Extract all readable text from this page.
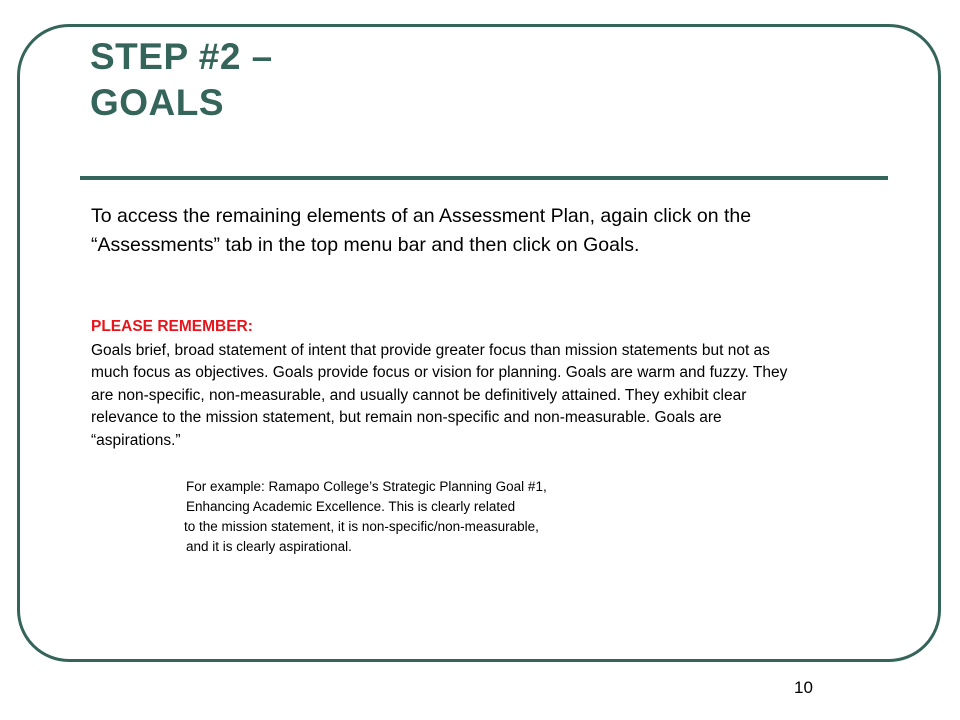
STEP #2 –
GOALS

To access the remaining elements of an Assessment Plan, again click on the “Assessments” tab in the top menu bar and then click on Goals.

PLEASE REMEMBER:

Goals brief, broad statement of intent that provide greater focus than mission statements but not as much focus as objectives. Goals provide focus or vision for planning. Goals are warm and fuzzy. They are non-specific, non-measurable, and usually cannot be definitively attained. They exhibit clear relevance to the mission statement, but remain non-specific and non-measurable. Goals are “aspirations.”

For example: Ramapo College’s Strategic Planning Goal #1,
Enhancing Academic Excellence. This is clearly related
to the mission statement, it is non-specific/non-measurable,
and it is clearly aspirational.

10
